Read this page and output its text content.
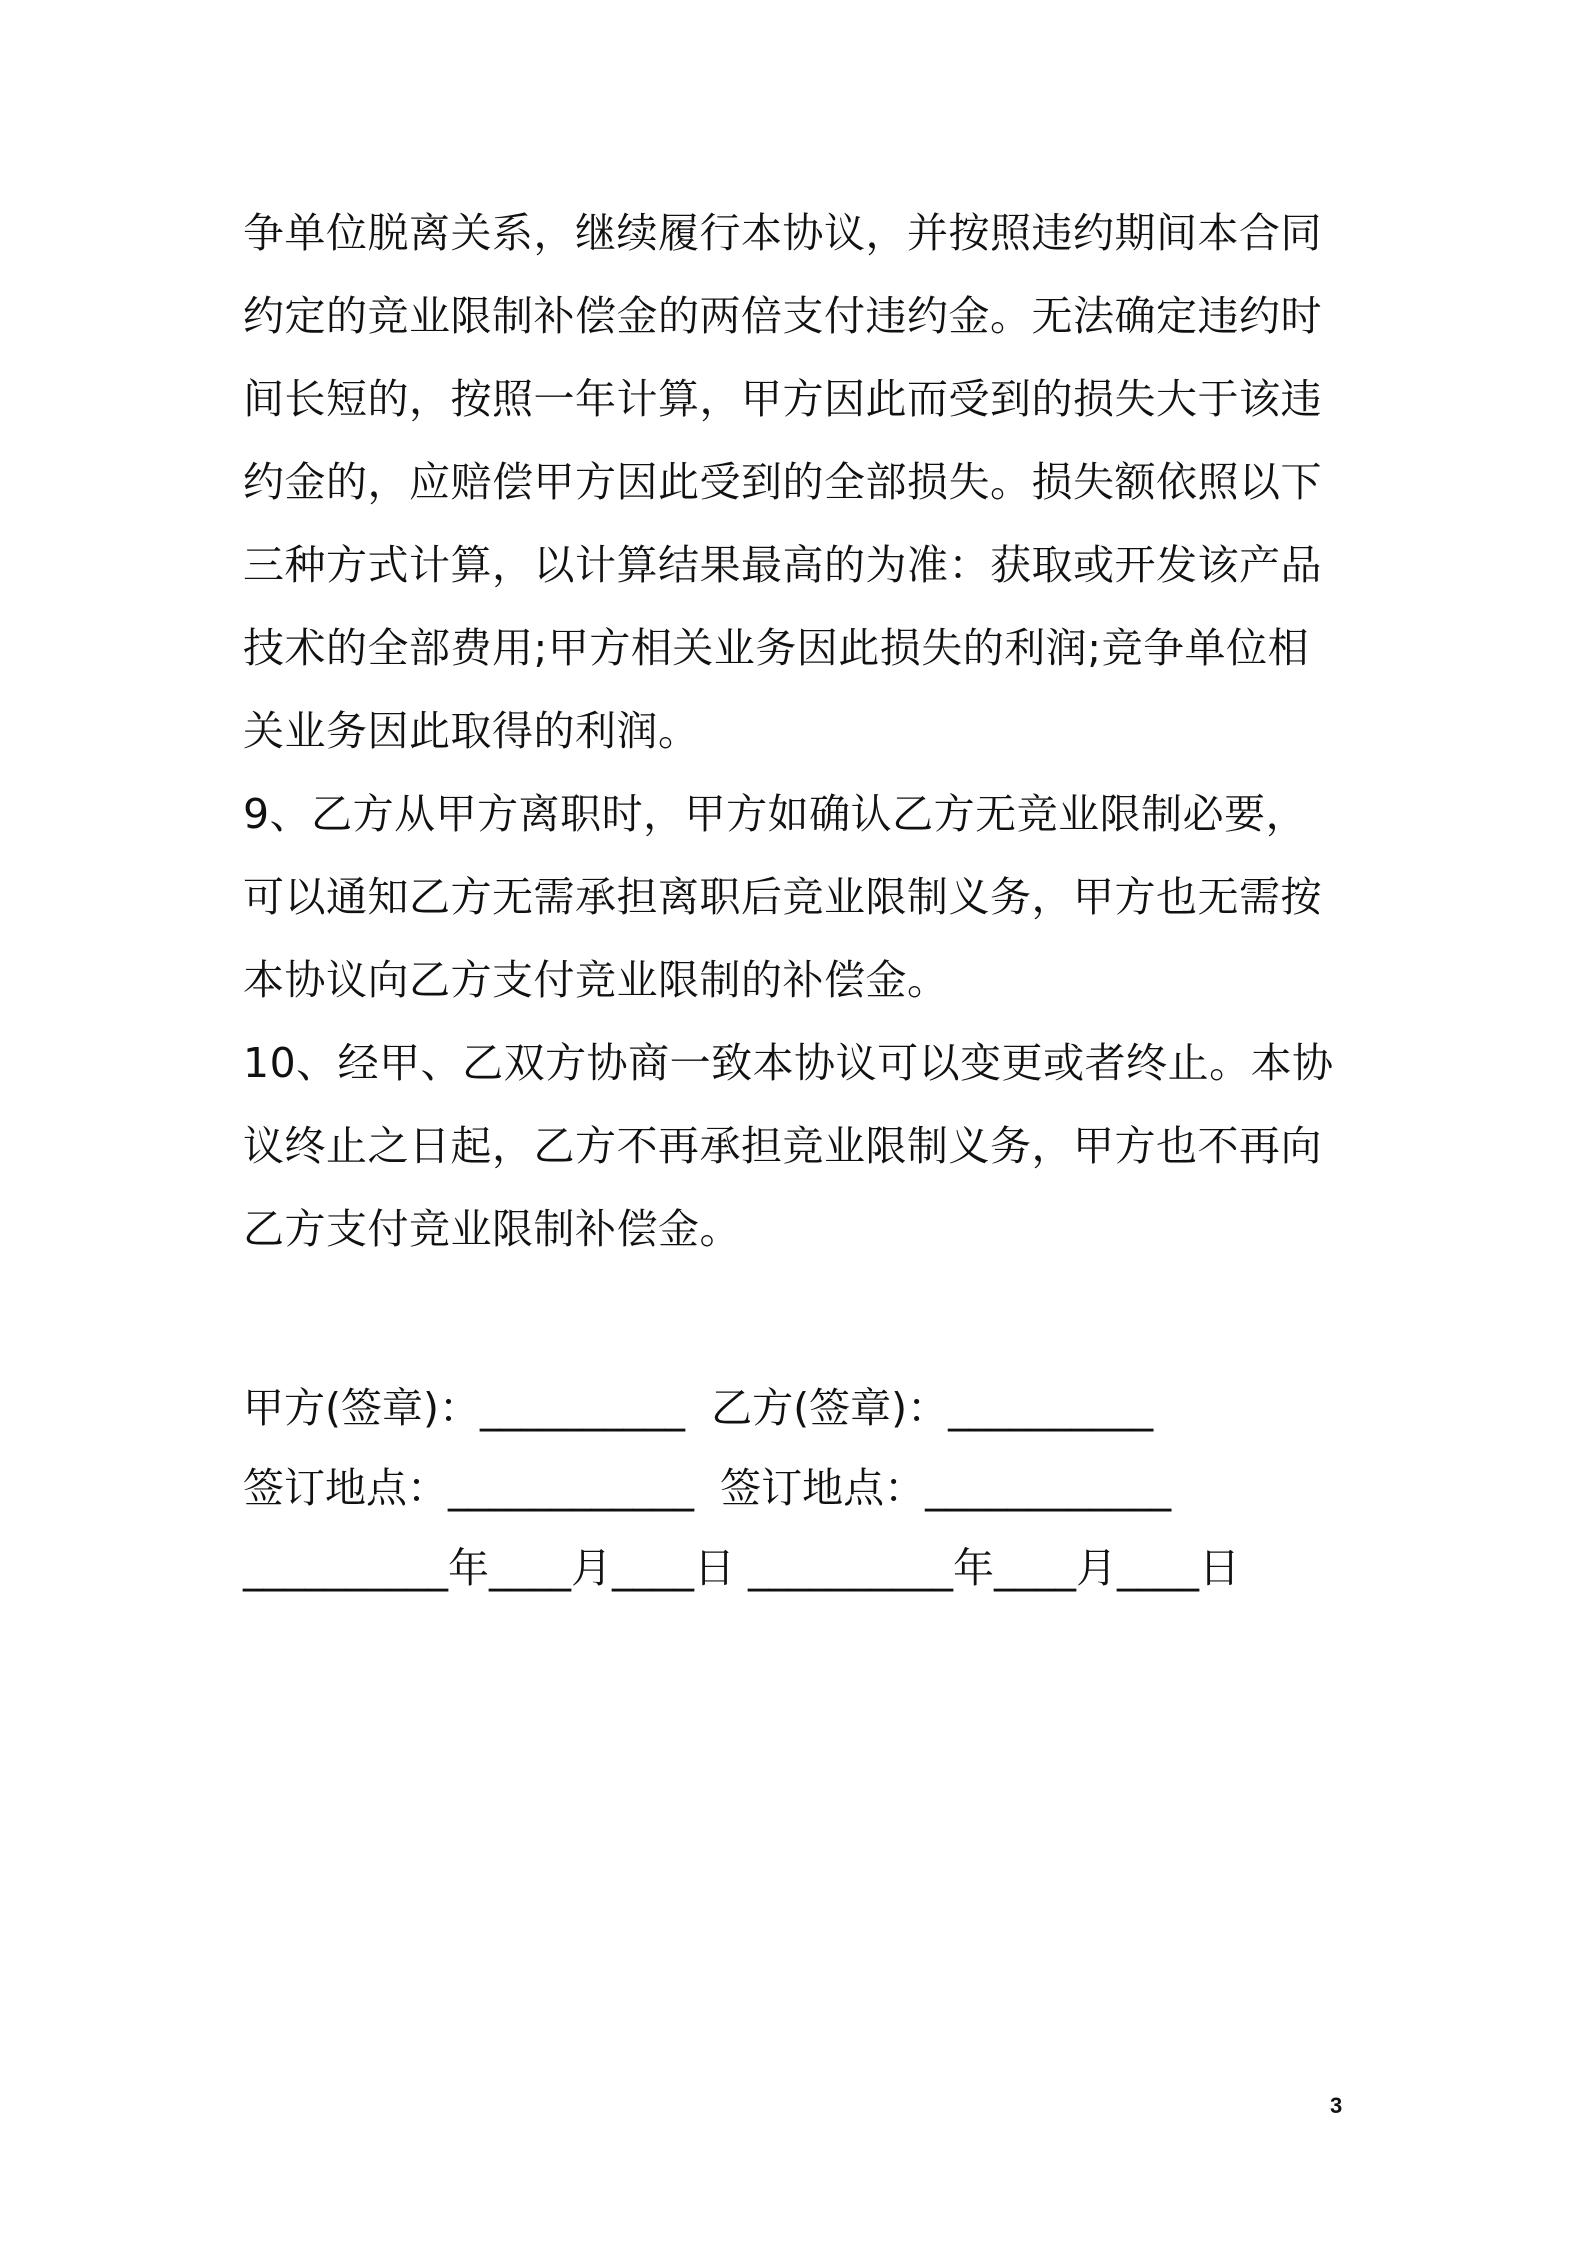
争单位脱离关系，继续履行本协议，并按照违约期间本合同
约定的竞业限制补偿金的两倍支付违约金。无法确定违约时
间长短的，按照一年计算，甲方因此而受到的损失大于该违
约金的，应赔偿甲方因此受到的全部损失。损失额依照以下
三种方式计算，以计算结果最高的为准：获取或开发该产品
技术的全部费用;甲方相关业务因此损失的利润;竞争单位相
关业务因此取得的利润。
9、乙方从甲方离职时，甲方如确认乙方无竞业限制必要，
可以通知乙方无需承担离职后竞业限制义务，甲方也无需按
本协议向乙方支付竞业限制的补偿金。
10、经甲、乙双方协商一致本协议可以变更或者终止。本协
议终止之日起，乙方不再承担竞业限制义务，甲方也不再向
乙方支付竞业限制补偿金。
甲方(签章)：__________ 乙方(签章)：__________
签订地点：____________ 签订地点：____________
__________年____月____日 __________年____月____日
3
